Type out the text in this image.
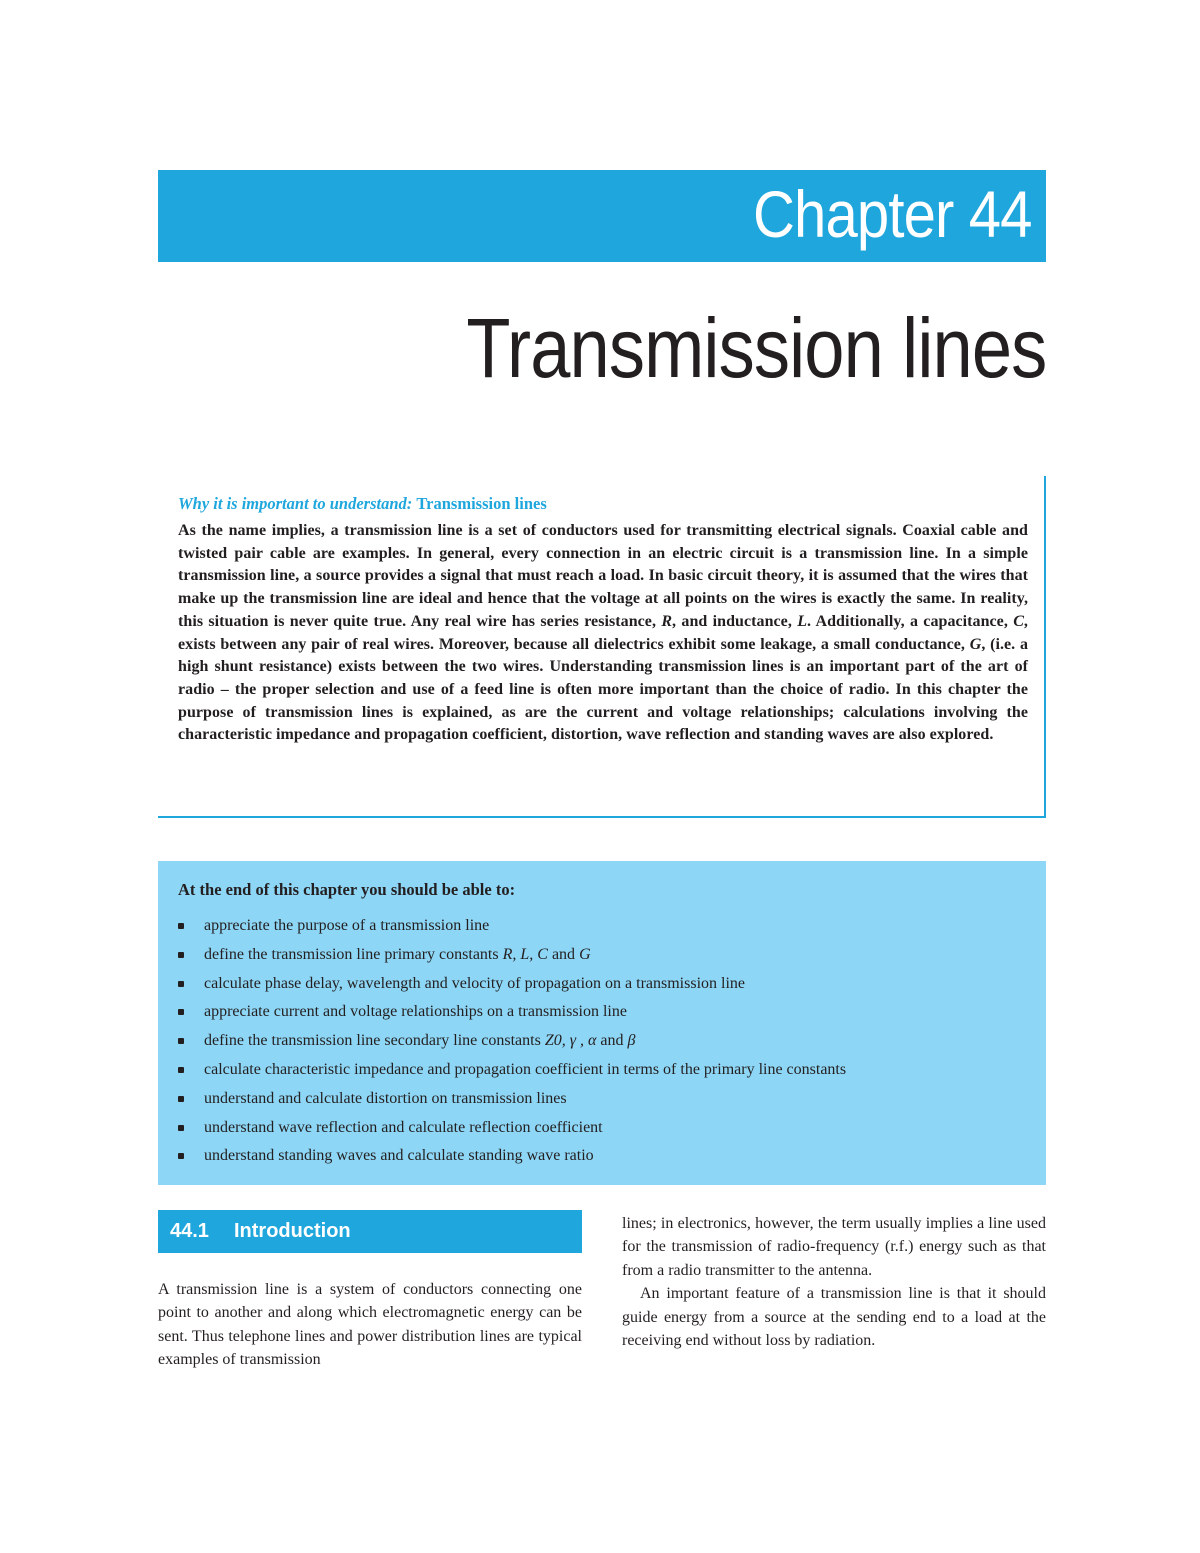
Chapter 44
Transmission lines
Why it is important to understand: Transmission lines
As the name implies, a transmission line is a set of conductors used for transmitting electrical signals. Coaxial cable and twisted pair cable are examples. In general, every connection in an electric circuit is a transmission line. In a simple transmission line, a source provides a signal that must reach a load. In basic circuit theory, it is assumed that the wires that make up the transmission line are ideal and hence that the voltage at all points on the wires is exactly the same. In reality, this situation is never quite true. Any real wire has series resistance, R, and inductance, L. Additionally, a capacitance, C, exists between any pair of real wires. Moreover, because all dielectrics exhibit some leakage, a small conductance, G, (i.e. a high shunt resistance) exists between the two wires. Understanding transmission lines is an important part of the art of radio – the proper selection and use of a feed line is often more important than the choice of radio. In this chapter the purpose of transmission lines is explained, as are the current and voltage relationships; calculations involving the characteristic impedance and propagation coefficient, distortion, wave reflection and standing waves are also explored.
At the end of this chapter you should be able to:
appreciate the purpose of a transmission line
define the transmission line primary constants R, L, C and G
calculate phase delay, wavelength and velocity of propagation on a transmission line
appreciate current and voltage relationships on a transmission line
define the transmission line secondary line constants Z0, γ , α and β
calculate characteristic impedance and propagation coefficient in terms of the primary line constants
understand and calculate distortion on transmission lines
understand wave reflection and calculate reflection coefficient
understand standing waves and calculate standing wave ratio
44.1 Introduction
A transmission line is a system of conductors connecting one point to another and along which electromagnetic energy can be sent. Thus telephone lines and power distribution lines are typical examples of transmission

lines; in electronics, however, the term usually implies a line used for the transmission of radio-frequency (r.f.) energy such as that from a radio transmitter to the antenna.

An important feature of a transmission line is that it should guide energy from a source at the sending end to a load at the receiving end without loss by radiation.
